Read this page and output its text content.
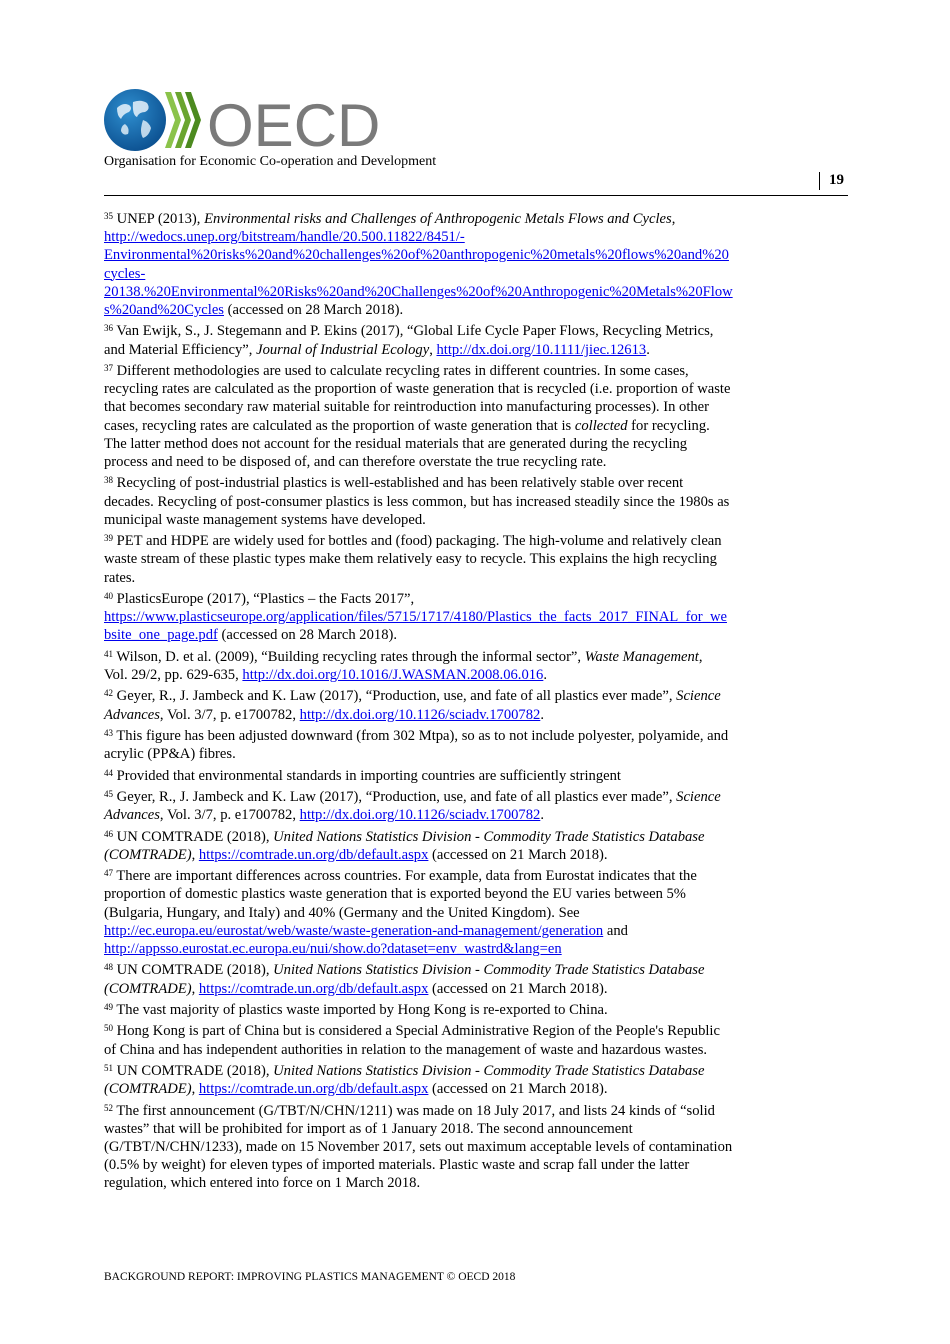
OECD
Organisation for Economic Co-operation and Development
19
$^{35}$ UNEP (2013), Environmental risks and Challenges of Anthropogenic Metals Flows and Cycles,
http://wedocs.unep.org/bitstream/handle/20.500.11822/8451/-
Environmental%20risks%20and%20challenges%20of%20anthropogenic%20metals%20flows%20and%20
cycles-
20138.%20Environmental%20Risks%20and%20Challenges%20of%20Anthropogenic%20Metals%20Flow
s%20and%20Cycles (accessed on 28 March 2018).
$^{36}$ Van Ewijk, S., J. Stegemann and P. Ekins (2017), “Global Life Cycle Paper Flows, Recycling Metrics,
and Material Efficiency”, Journal of Industrial Ecology, http://dx.doi.org/10.1111/jiec.12613.
$^{37}$ Different methodologies are used to calculate recycling rates in different countries. In some cases,
recycling rates are calculated as the proportion of waste generation that is recycled (i.e. proportion of waste
that becomes secondary raw material suitable for reintroduction into manufacturing processes). In other
cases, recycling rates are calculated as the proportion of waste generation that is collected for recycling.
The latter method does not account for the residual materials that are generated during the recycling
process and need to be disposed of, and can therefore overstate the true recycling rate.
$^{38}$ Recycling of post-industrial plastics is well-established and has been relatively stable over recent
decades. Recycling of post-consumer plastics is less common, but has increased steadily since the 1980s as
municipal waste management systems have developed.
$^{39}$ PET and HDPE are widely used for bottles and (food) packaging. The high-volume and relatively clean
waste stream of these plastic types make them relatively easy to recycle. This explains the high recycling
rates.
$^{40}$ PlasticsEurope (2017), “Plastics – the Facts 2017”,
https://www.plasticseurope.org/application/files/5715/1717/4180/Plastics_the_facts_2017_FINAL_for_we
bsite_one_page.pdf (accessed on 28 March 2018).
$^{41}$ Wilson, D. et al. (2009), “Building recycling rates through the informal sector”, Waste Management,
Vol. 29/2, pp. 629-635, http://dx.doi.org/10.1016/J.WASMAN.2008.06.016.
$^{42}$ Geyer, R., J. Jambeck and K. Law (2017), “Production, use, and fate of all plastics ever made”, Science
Advances, Vol. 3/7, p. e1700782, http://dx.doi.org/10.1126/sciadv.1700782.
$^{43}$ This figure has been adjusted downward (from 302 Mtpa), so as to not include polyester, polyamide, and
acrylic (PP&A) fibres.
$^{44}$ Provided that environmental standards in importing countries are sufficiently stringent
$^{45}$ Geyer, R., J. Jambeck and K. Law (2017), “Production, use, and fate of all plastics ever made”, Science
Advances, Vol. 3/7, p. e1700782, http://dx.doi.org/10.1126/sciadv.1700782.
$^{46}$ UN COMTRADE (2018), United Nations Statistics Division - Commodity Trade Statistics Database
(COMTRADE), https://comtrade.un.org/db/default.aspx (accessed on 21 March 2018).
$^{47}$ There are important differences across countries. For example, data from Eurostat indicates that the
proportion of domestic plastics waste generation that is exported beyond the EU varies between 5%
(Bulgaria, Hungary, and Italy) and 40% (Germany and the United Kingdom). See
http://ec.europa.eu/eurostat/web/waste/waste-generation-and-management/generation and
http://appsso.eurostat.ec.europa.eu/nui/show.do?dataset=env_wastrd&lang=en
$^{48}$ UN COMTRADE (2018), United Nations Statistics Division - Commodity Trade Statistics Database
(COMTRADE), https://comtrade.un.org/db/default.aspx (accessed on 21 March 2018).
$^{49}$ The vast majority of plastics waste imported by Hong Kong is re-exported to China.
$^{50}$ Hong Kong is part of China but is considered a Special Administrative Region of the People's Republic
of China and has independent authorities in relation to the management of waste and hazardous wastes.
$^{51}$ UN COMTRADE (2018), United Nations Statistics Division - Commodity Trade Statistics Database
(COMTRADE), https://comtrade.un.org/db/default.aspx (accessed on 21 March 2018).
$^{52}$ The first announcement (G/TBT/N/CHN/1211) was made on 18 July 2017, and lists 24 kinds of “solid
wastes” that will be prohibited for import as of 1 January 2018. The second announcement
(G/TBT/N/CHN/1233), made on 15 November 2017, sets out maximum acceptable levels of contamination
(0.5% by weight) for eleven types of imported materials. Plastic waste and scrap fall under the latter
regulation, which entered into force on 1 March 2018.
BACKGROUND REPORT: IMPROVING PLASTICS MANAGEMENT © OECD 2018
